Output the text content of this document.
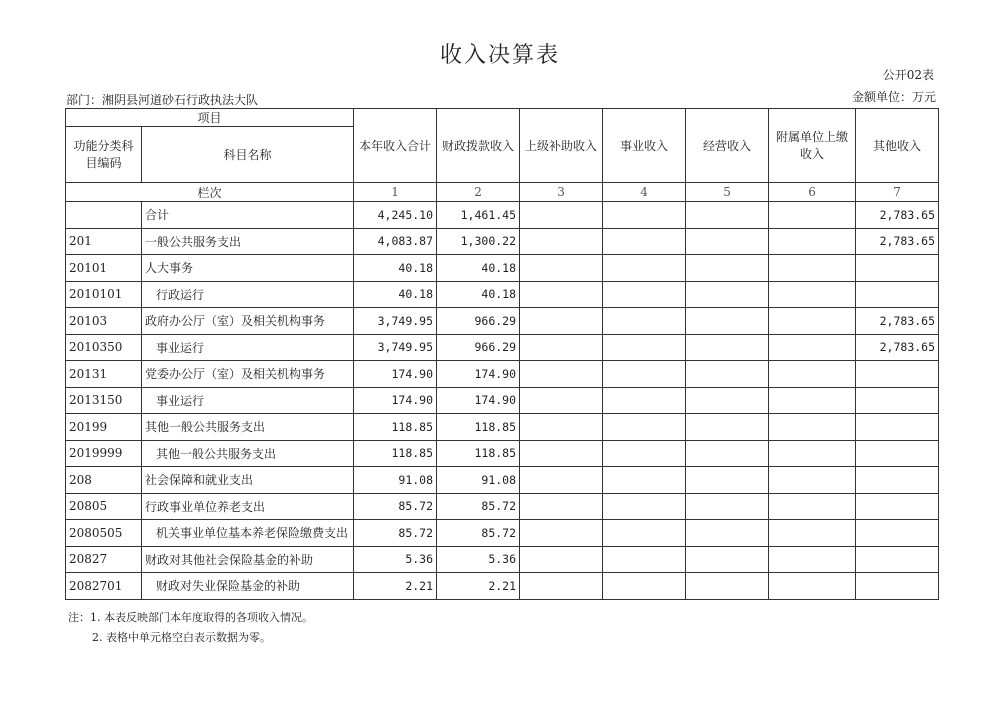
收入决算表
公开02表
部门：湘阴县河道砂石行政执法大队	金额单位：万元
项目		本年收入合计	财政拨款收入	上级补助收入	事业收入	经营收入	附属单位上缴收入	其他收入
功能分类科目编码	科目名称							
栏次		1	2	3	4	5	6	7
	合计	4,245.10	1,461.45					2,783.65
201	一般公共服务支出	4,083.87	1,300.22					2,783.65
20101	人大事务	40.18	40.18					
2010101	行政运行	40.18	40.18					
20103	政府办公厅（室）及相关机构事务	3,749.95	966.29					2,783.65
2010350	事业运行	3,749.95	966.29					2,783.65
20131	党委办公厅（室）及相关机构事务	174.90	174.90					
2013150	事业运行	174.90	174.90					
20199	其他一般公共服务支出	118.85	118.85					
2019999	其他一般公共服务支出	118.85	118.85					
208	社会保障和就业支出	91.08	91.08					
20805	行政事业单位养老支出	85.72	85.72					
2080505	机关事业单位基本养老保险缴费支出	85.72	85.72					
20827	财政对其他社会保险基金的补助	5.36	5.36					
2082701	财政对失业保险基金的补助	2.21	2.21					
注：1. 本表反映部门本年度取得的各项收入情况。
2. 表格中单元格空白表示数据为零。
